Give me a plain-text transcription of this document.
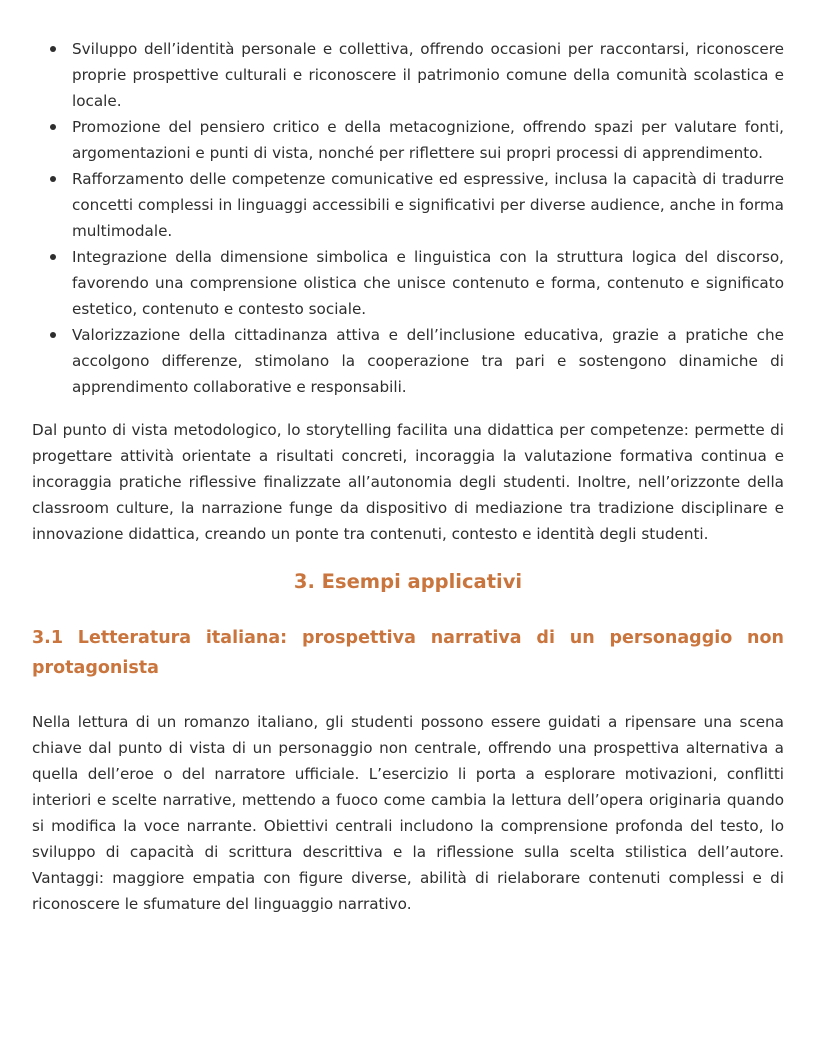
Sviluppo dell’identità personale e collettiva, offrendo occasioni per raccontarsi, riconoscere proprie prospettive culturali e riconoscere il patrimonio comune della comunità scolastica e locale.
Promozione del pensiero critico e della metacognizione, offrendo spazi per valutare fonti, argomentazioni e punti di vista, nonché per riflettere sui propri processi di apprendimento.
Rafforzamento delle competenze comunicative ed espressive, inclusa la capacità di tradurre concetti complessi in linguaggi accessibili e significativi per diverse audience, anche in forma multimodale.
Integrazione della dimensione simbolica e linguistica con la struttura logica del discorso, favorendo una comprensione olistica che unisce contenuto e forma, contenuto e significato estetico, contenuto e contesto sociale.
Valorizzazione della cittadinanza attiva e dell’inclusione educativa, grazie a pratiche che accolgono differenze, stimolano la cooperazione tra pari e sostengono dinamiche di apprendimento collaborative e responsabili.

Dal punto di vista metodologico, lo storytelling facilita una didattica per competenze: permette di progettare attività orientate a risultati concreti, incoraggia la valutazione formativa continua e incoraggia pratiche riflessive finalizzate all’autonomia degli studenti. Inoltre, nell’orizzonte della classroom culture, la narrazione funge da dispositivo di mediazione tra tradizione disciplinare e innovazione didattica, creando un ponte tra contenuti, contesto e identità degli studenti.

3. Esempi applicativi
3.1 Letteratura italiana: prospettiva narrativa di un personaggio non protagonista

Nella lettura di un romanzo italiano, gli studenti possono essere guidati a ripensare una scena chiave dal punto di vista di un personaggio non centrale, offrendo una prospettiva alternativa a quella dell’eroe o del narratore ufficiale. L’esercizio li porta a esplorare motivazioni, conflitti interiori e scelte narrative, mettendo a fuoco come cambia la lettura dell’opera originaria quando si modifica la voce narrante. Obiettivi centrali includono la comprensione profonda del testo, lo sviluppo di capacità di scrittura descrittiva e la riflessione sulla scelta stilistica dell’autore. Vantaggi: maggiore empatia con figure diverse, abilità di rielaborare contenuti complessi e di riconoscere le sfumature del linguaggio narrativo.
